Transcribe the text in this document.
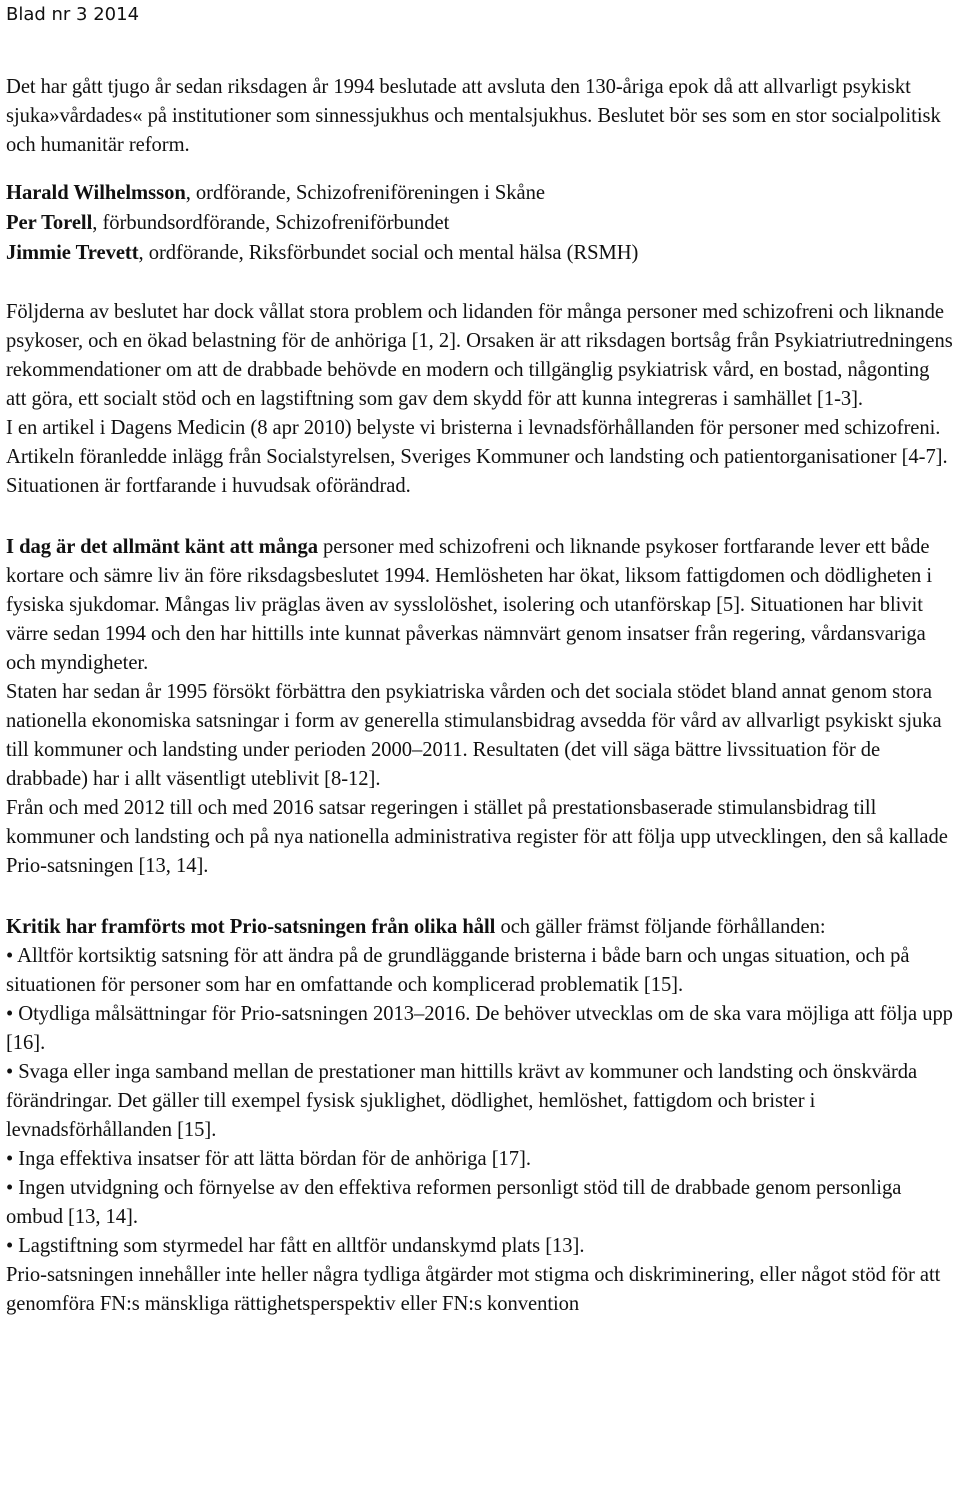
Blad nr 3 2014

Det har gått tjugo år sedan riksdagen år 1994 beslutade att avsluta den 130-åriga epok då att allvarligt psykiskt sjuka»vårdades« på institutioner som sinnessjukhus och mentalsjukhus. Beslutet bör ses som en stor socialpolitisk och humanitär reform.

Harald Wilhelmsson, ordförande, Schizofreniföreningen i Skåne
Per Torell, förbundsordförande, Schizofreniförbundet
Jimmie Trevett, ordförande, Riksförbundet social och mental hälsa (RSMH)

Följderna av beslutet har dock vållat stora problem och lidanden för många personer med schizofreni och liknande psykoser, och en ökad belastning för de anhöriga [1, 2]. Orsaken är att riksdagen bortsåg från Psykiatriutredningens rekommendationer om att de drabbade behövde en modern och tillgänglig psykiatrisk vård, en bostad, någonting att göra, ett socialt stöd och en lagstiftning som gav dem skydd för att kunna integreras i samhället [1-3].

I en artikel i Dagens Medicin (8 apr 2010) belyste vi bristerna i levnadsförhållanden för personer med schizofreni. Artikeln föranledde inlägg från Socialstyrelsen, Sveriges Kommuner och landsting och patientorganisationer [4-7]. Situationen är fortfarande i huvudsak oförändrad.

I dag är det allmänt känt att många personer med schizofreni och liknande psykoser fortfarande lever ett både kortare och sämre liv än före riksdagsbeslutet 1994. Hemlösheten har ökat, liksom fattigdomen och dödligheten i fysiska sjukdomar. Mångas liv präglas även av sysslolöshet, isolering och utanförskap [5]. Situationen har blivit värre sedan 1994 och den har hittills inte kunnat påverkas nämnvärt genom insatser från regering, vårdansvariga och myndigheter.

Staten har sedan år 1995 försökt förbättra den psykiatriska vården och det sociala stödet bland annat genom stora nationella ekonomiska satsningar i form av generella stimulansbidrag avsedda för vård av allvarligt psykiskt sjuka till kommuner och landsting under perioden 2000–2011. Resultaten (det vill säga bättre livssituation för de drabbade) har i allt väsentligt uteblivit [8-12].

Från och med 2012 till och med 2016 satsar regeringen i stället på prestationsbaserade stimulansbidrag till kommuner och landsting och på nya nationella administrativa register för att följa upp utvecklingen, den så kallade Prio-satsningen [13, 14].

Kritik har framförts mot Prio-satsningen från olika håll och gäller främst följande förhållanden:

• Alltför kortsiktig satsning för att ändra på de grundläggande bristerna i både barn och ungas situation, och på situationen för personer som har en omfattande och komplicerad problematik [15].

• Otydliga målsättningar för Prio-satsningen 2013–2016. De behöver utvecklas om de ska vara möjliga att följa upp [16].

• Svaga eller inga samband mellan de prestationer man hittills krävt av kommuner och landsting och önskvärda förändringar. Det gäller till exempel fysisk sjuklighet, dödlighet, hemlöshet, fattigdom och brister i levnadsförhållanden [15].

• Inga effektiva insatser för att lätta bördan för de anhöriga [17].

• Ingen utvidgning och förnyelse av den effektiva reformen personligt stöd till de drabbade genom personliga ombud [13, 14].

• Lagstiftning som styrmedel har fått en alltför undanskymd plats [13].

Prio-satsningen innehåller inte heller några tydliga åtgärder mot stigma och diskriminering, eller något stöd för att genomföra FN:s mänskliga rättighetsperspektiv eller FN:s konvention
